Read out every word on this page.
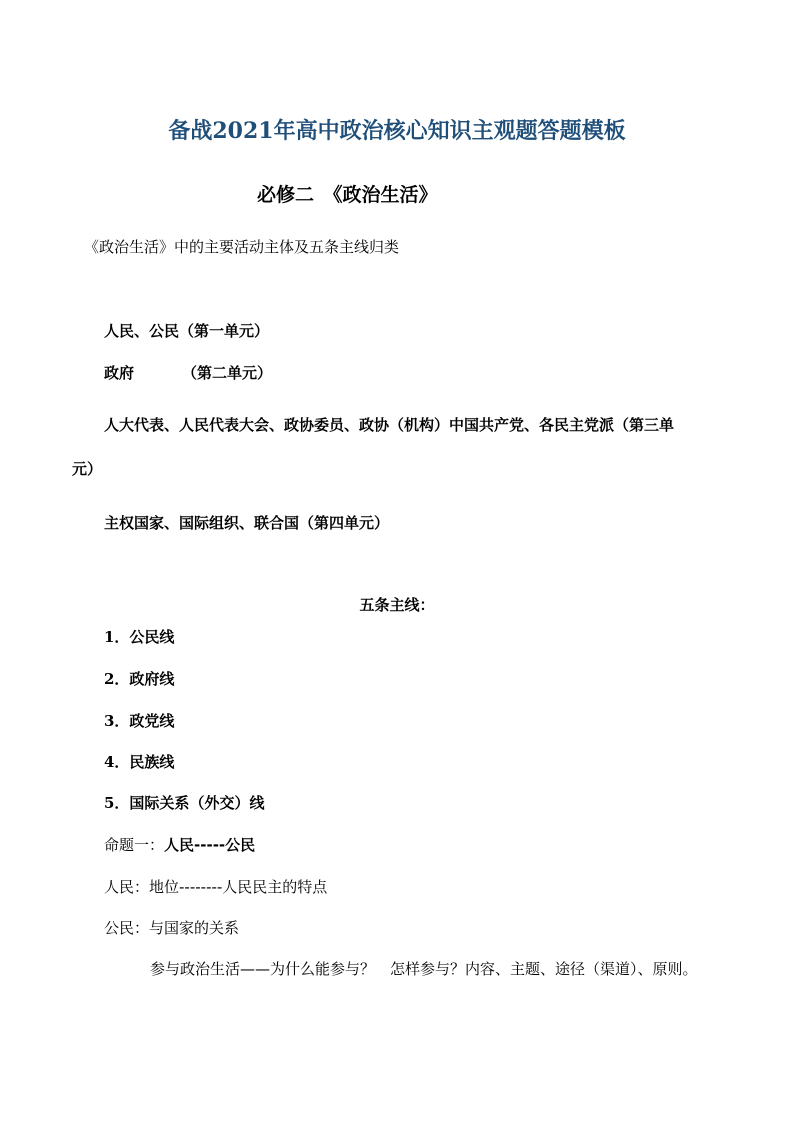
备战2021年高中政治核心知识主观题答题模板
必修二　《政治生活》
《政治生活》中的主要活动主体及五条主线归类
人民、公民（第一单元）
政府	（第二单元）
人大代表、人民代表大会、政协委员、政协（机构）中国共产党、各民主党派（第三单
元）
主权国家、国际组织、联合国（第四单元）
五条主线：
1．公民线
2．政府线
3．政党线
4．民族线
5．国际关系（外交）线
命题一：人民-----公民
人民：地位--------人民民主的特点
公民：与国家的关系
参与政治生活——为什么能参与？　怎样参与？内容、主题、途径（渠道）、原则。
